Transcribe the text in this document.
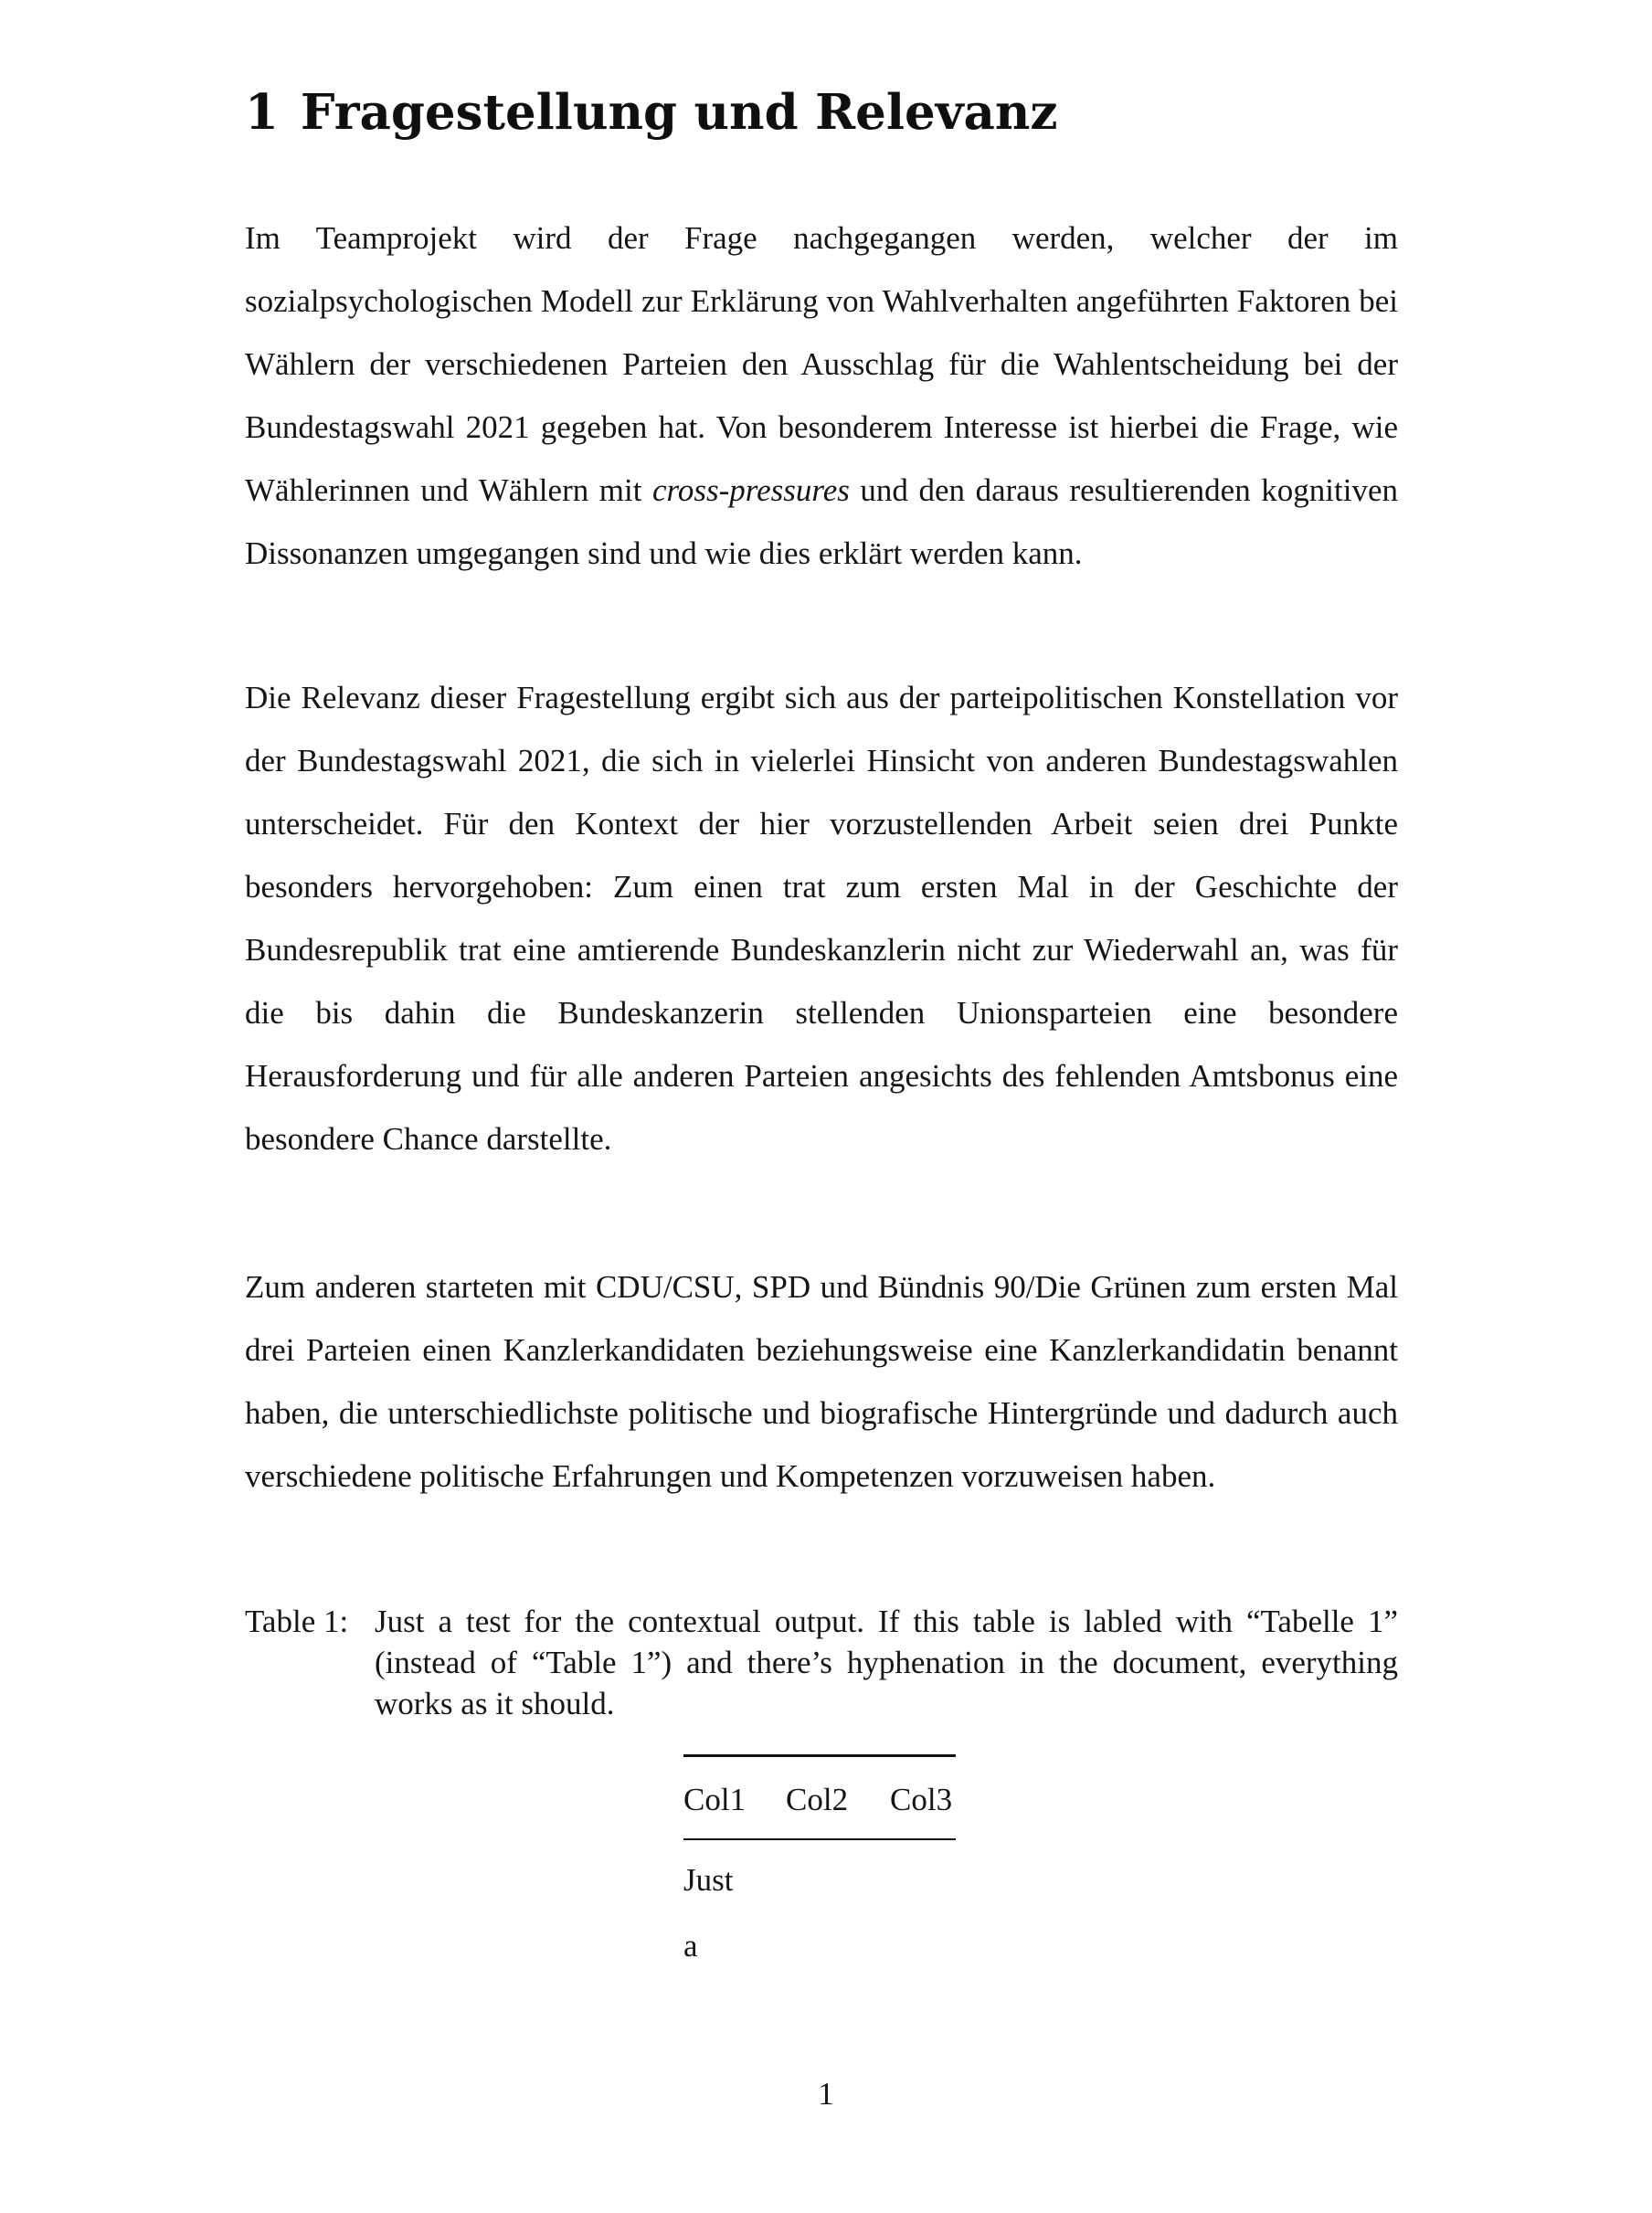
1 Fragestellung und Relevanz

Im Teamprojekt wird der Frage nachgegangen werden, welcher der im sozialpsychologischen Modell zur Erklärung von Wahlverhalten angeführten Faktoren bei Wählern der verschiedenen Parteien den Ausschlag für die Wahlentscheidung bei der Bundestagswahl 2021 gegeben hat. Von besonderem Interesse ist hierbei die Frage, wie Wählerinnen und Wählern mit cross-pressures und den daraus resultierenden kognitiven Dissonanzen umgegangen sind und wie dies erklärt werden kann.

Die Relevanz dieser Fragestellung ergibt sich aus der parteipolitischen Konstellation vor der Bundestagswahl 2021, die sich in vielerlei Hinsicht von anderen Bundestagswahlen unterscheidet. Für den Kontext der hier vorzustellenden Arbeit seien drei Punkte besonders hervorgehoben: Zum einen trat zum ersten Mal in der Geschichte der Bundesrepublik trat eine amtierende Bundeskanzlerin nicht zur Wiederwahl an, was für die bis dahin die Bundeskanzerin stellenden Unionsparteien eine besondere Herausforderung und für alle anderen Parteien angesichts des fehlenden Amtsbonus eine besondere Chance darstellte.

Zum anderen starteten mit CDU/CSU, SPD und Bündnis 90/Die Grünen zum ersten Mal drei Parteien einen Kanzlerkandidaten beziehungsweise eine Kanzlerkandidatin benannt haben, die unterschiedlichste politische und biografische Hintergründe und dadurch auch verschiedene politische Erfahrungen und Kompetenzen vorzuweisen haben.

Table 1: Just a test for the contextual output. If this table is labled with “Tabelle 1” (instead of “Table 1”) and there’s hyphenation in the document, everything works as it should.
Col1 Col2 Col3
Just
a
1
